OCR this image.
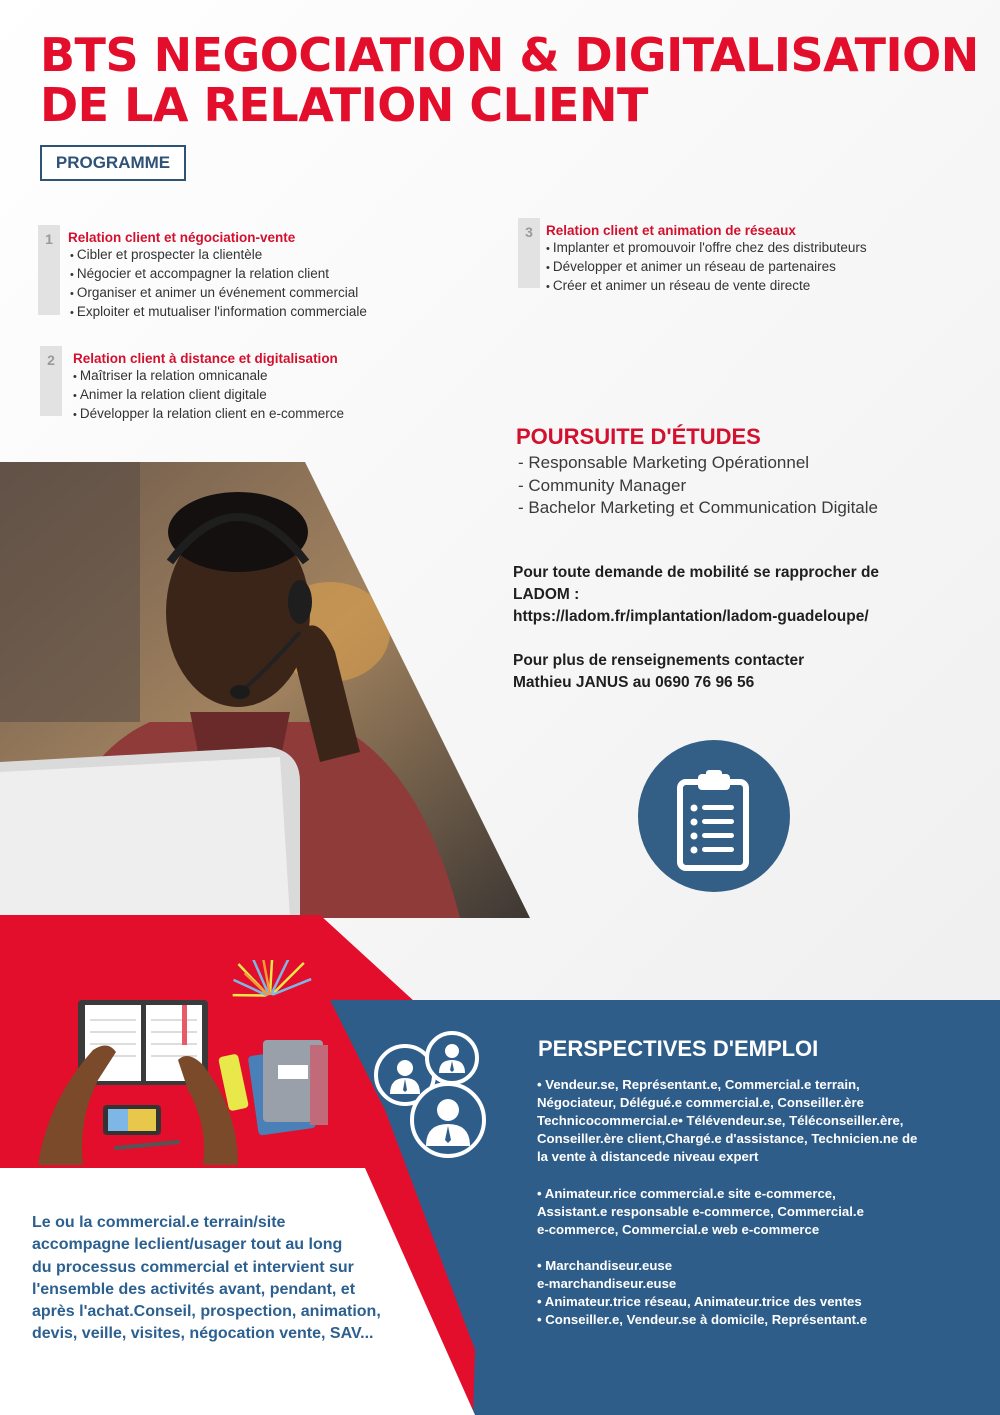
BTS NEGOCIATION & DIGITALISATION
DE LA RELATION CLIENT
PROGRAMME
1	Relation client et négociation-vente

• Cibler et prospecter la clientèle
• Négocier et accompagner la relation client
• Organiser et animer un événement commercial
• Exploiter et mutualiser l'information commerciale
2	Relation client à distance et digitalisation

• Maîtriser la relation omnicanale
• Animer la relation client digitale
• Développer la relation client en e-commerce
3 Relation client et animation de réseaux

• Implanter et promouvoir l'offre chez des distributeurs
• Développer et animer un réseau de partenaires
• Créer et animer un réseau de vente directe
POURSUITE D'ÉTUDES
- Responsable Marketing Opérationnel
- Community Manager
- Bachelor Marketing et Communication Digitale

Pour toute demande de mobilité se rapprocher de
LADOM :
https://ladom.fr/implantation/ladom-guadeloupe/

Pour plus de renseignements contacter
Mathieu JANUS au 0690 76 96 56

PERSPECTIVES D'EMPLOI

• Vendeur.se, Représentant.e, Commercial.e terrain,
Négociateur, Délégué.e commercial.e, Conseiller.ère
Technicocommercial.e• Télévendeur.se, Téléconseiller.ère,
Conseiller.ère client,Chargé.e d'assistance, Technicien.ne de
la vente à distancede niveau expert

• Animateur.rice commercial.e site e-commerce,
Assistant.e responsable e-commerce, Commercial.e
e-commerce, Commercial.e web e-commerce

• Marchandiseur.euse
e-marchandiseur.euse
• Animateur.trice réseau, Animateur.trice des ventes
• Conseiller.e, Vendeur.se à domicile, Représentant.e

Le ou la commercial.e terrain/site
accompagne leclient/usager tout au long
du processus commercial et intervient sur
l'ensemble des activités avant, pendant, et
après l'achat.Conseil, prospection, animation,
devis, veille, visites, négocation vente, SAV...
